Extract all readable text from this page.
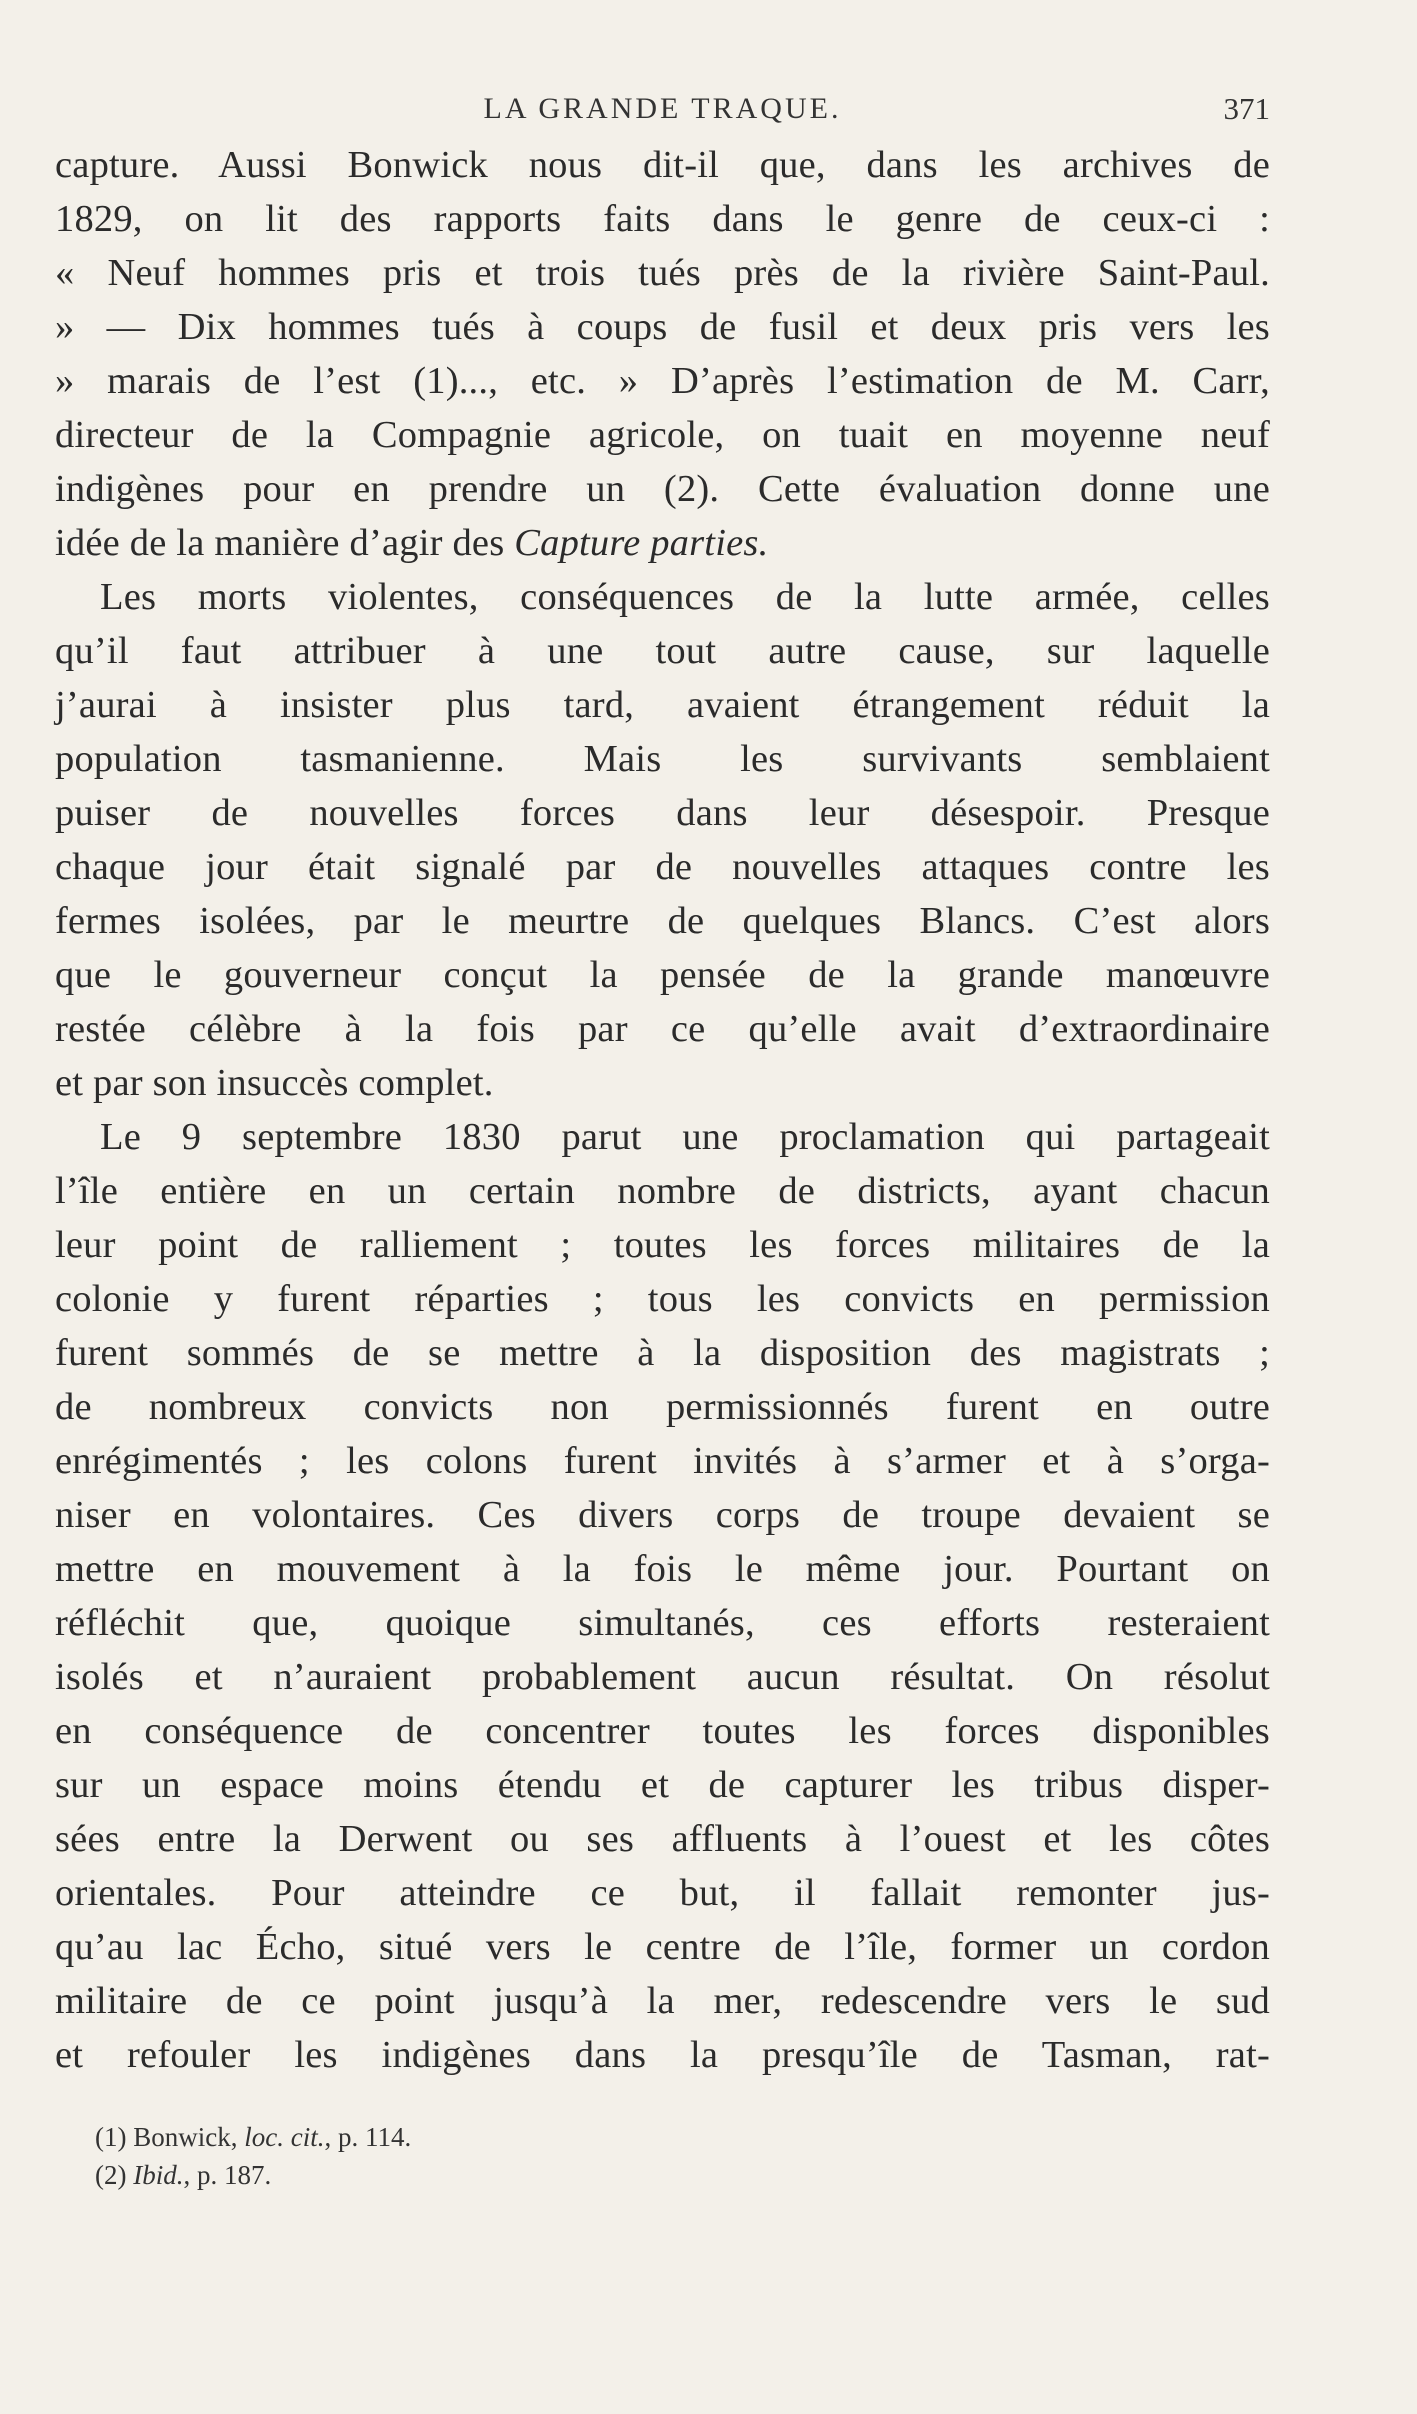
LA GRANDE TRAQUE.	371
capture. Aussi Bonwick nous dit-il que, dans les archives de
1829, on lit des rapports faits dans le genre de ceux-ci :
« Neuf hommes pris et trois tués près de la rivière Saint-Paul.
» — Dix hommes tués à coups de fusil et deux pris vers les
» marais de l’est (1)..., etc. » D’après l’estimation de M. Carr,
directeur de la Compagnie agricole, on tuait en moyenne neuf
indigènes pour en prendre un (2). Cette évaluation donne une
idée de la manière d’agir des Capture parties.
Les morts violentes, conséquences de la lutte armée, celles
qu’il faut attribuer à une tout autre cause, sur laquelle
j’aurai à insister plus tard, avaient étrangement réduit la
population tasmanienne. Mais les survivants semblaient
puiser de nouvelles forces dans leur désespoir. Presque
chaque jour était signalé par de nouvelles attaques contre les
fermes isolées, par le meurtre de quelques Blancs. C’est alors
que le gouverneur conçut la pensée de la grande manœuvre
restée célèbre à la fois par ce qu’elle avait d’extraordinaire
et par son insuccès complet.
Le 9 septembre 1830 parut une proclamation qui partageait
l’île entière en un certain nombre de districts, ayant chacun
leur point de ralliement ; toutes les forces militaires de la
colonie y furent réparties ; tous les convicts en permission
furent sommés de se mettre à la disposition des magistrats ;
de nombreux convicts non permissionnés furent en outre
enrégimentés ; les colons furent invités à s’armer et à s’orga-
niser en volontaires. Ces divers corps de troupe devaient se
mettre en mouvement à la fois le même jour. Pourtant on
réfléchit que, quoique simultanés, ces efforts resteraient
isolés et n’auraient probablement aucun résultat. On résolut
en conséquence de concentrer toutes les forces disponibles
sur un espace moins étendu et de capturer les tribus disper-
sées entre la Derwent ou ses affluents à l’ouest et les côtes
orientales. Pour atteindre ce but, il fallait remonter jus-
qu’au lac Écho, situé vers le centre de l’île, former un cordon
militaire de ce point jusqu’à la mer, redescendre vers le sud
et refouler les indigènes dans la presqu’île de Tasman, rat-
(1) Bonwick, loc. cit., p. 114.
(2) Ibid., p. 187.
